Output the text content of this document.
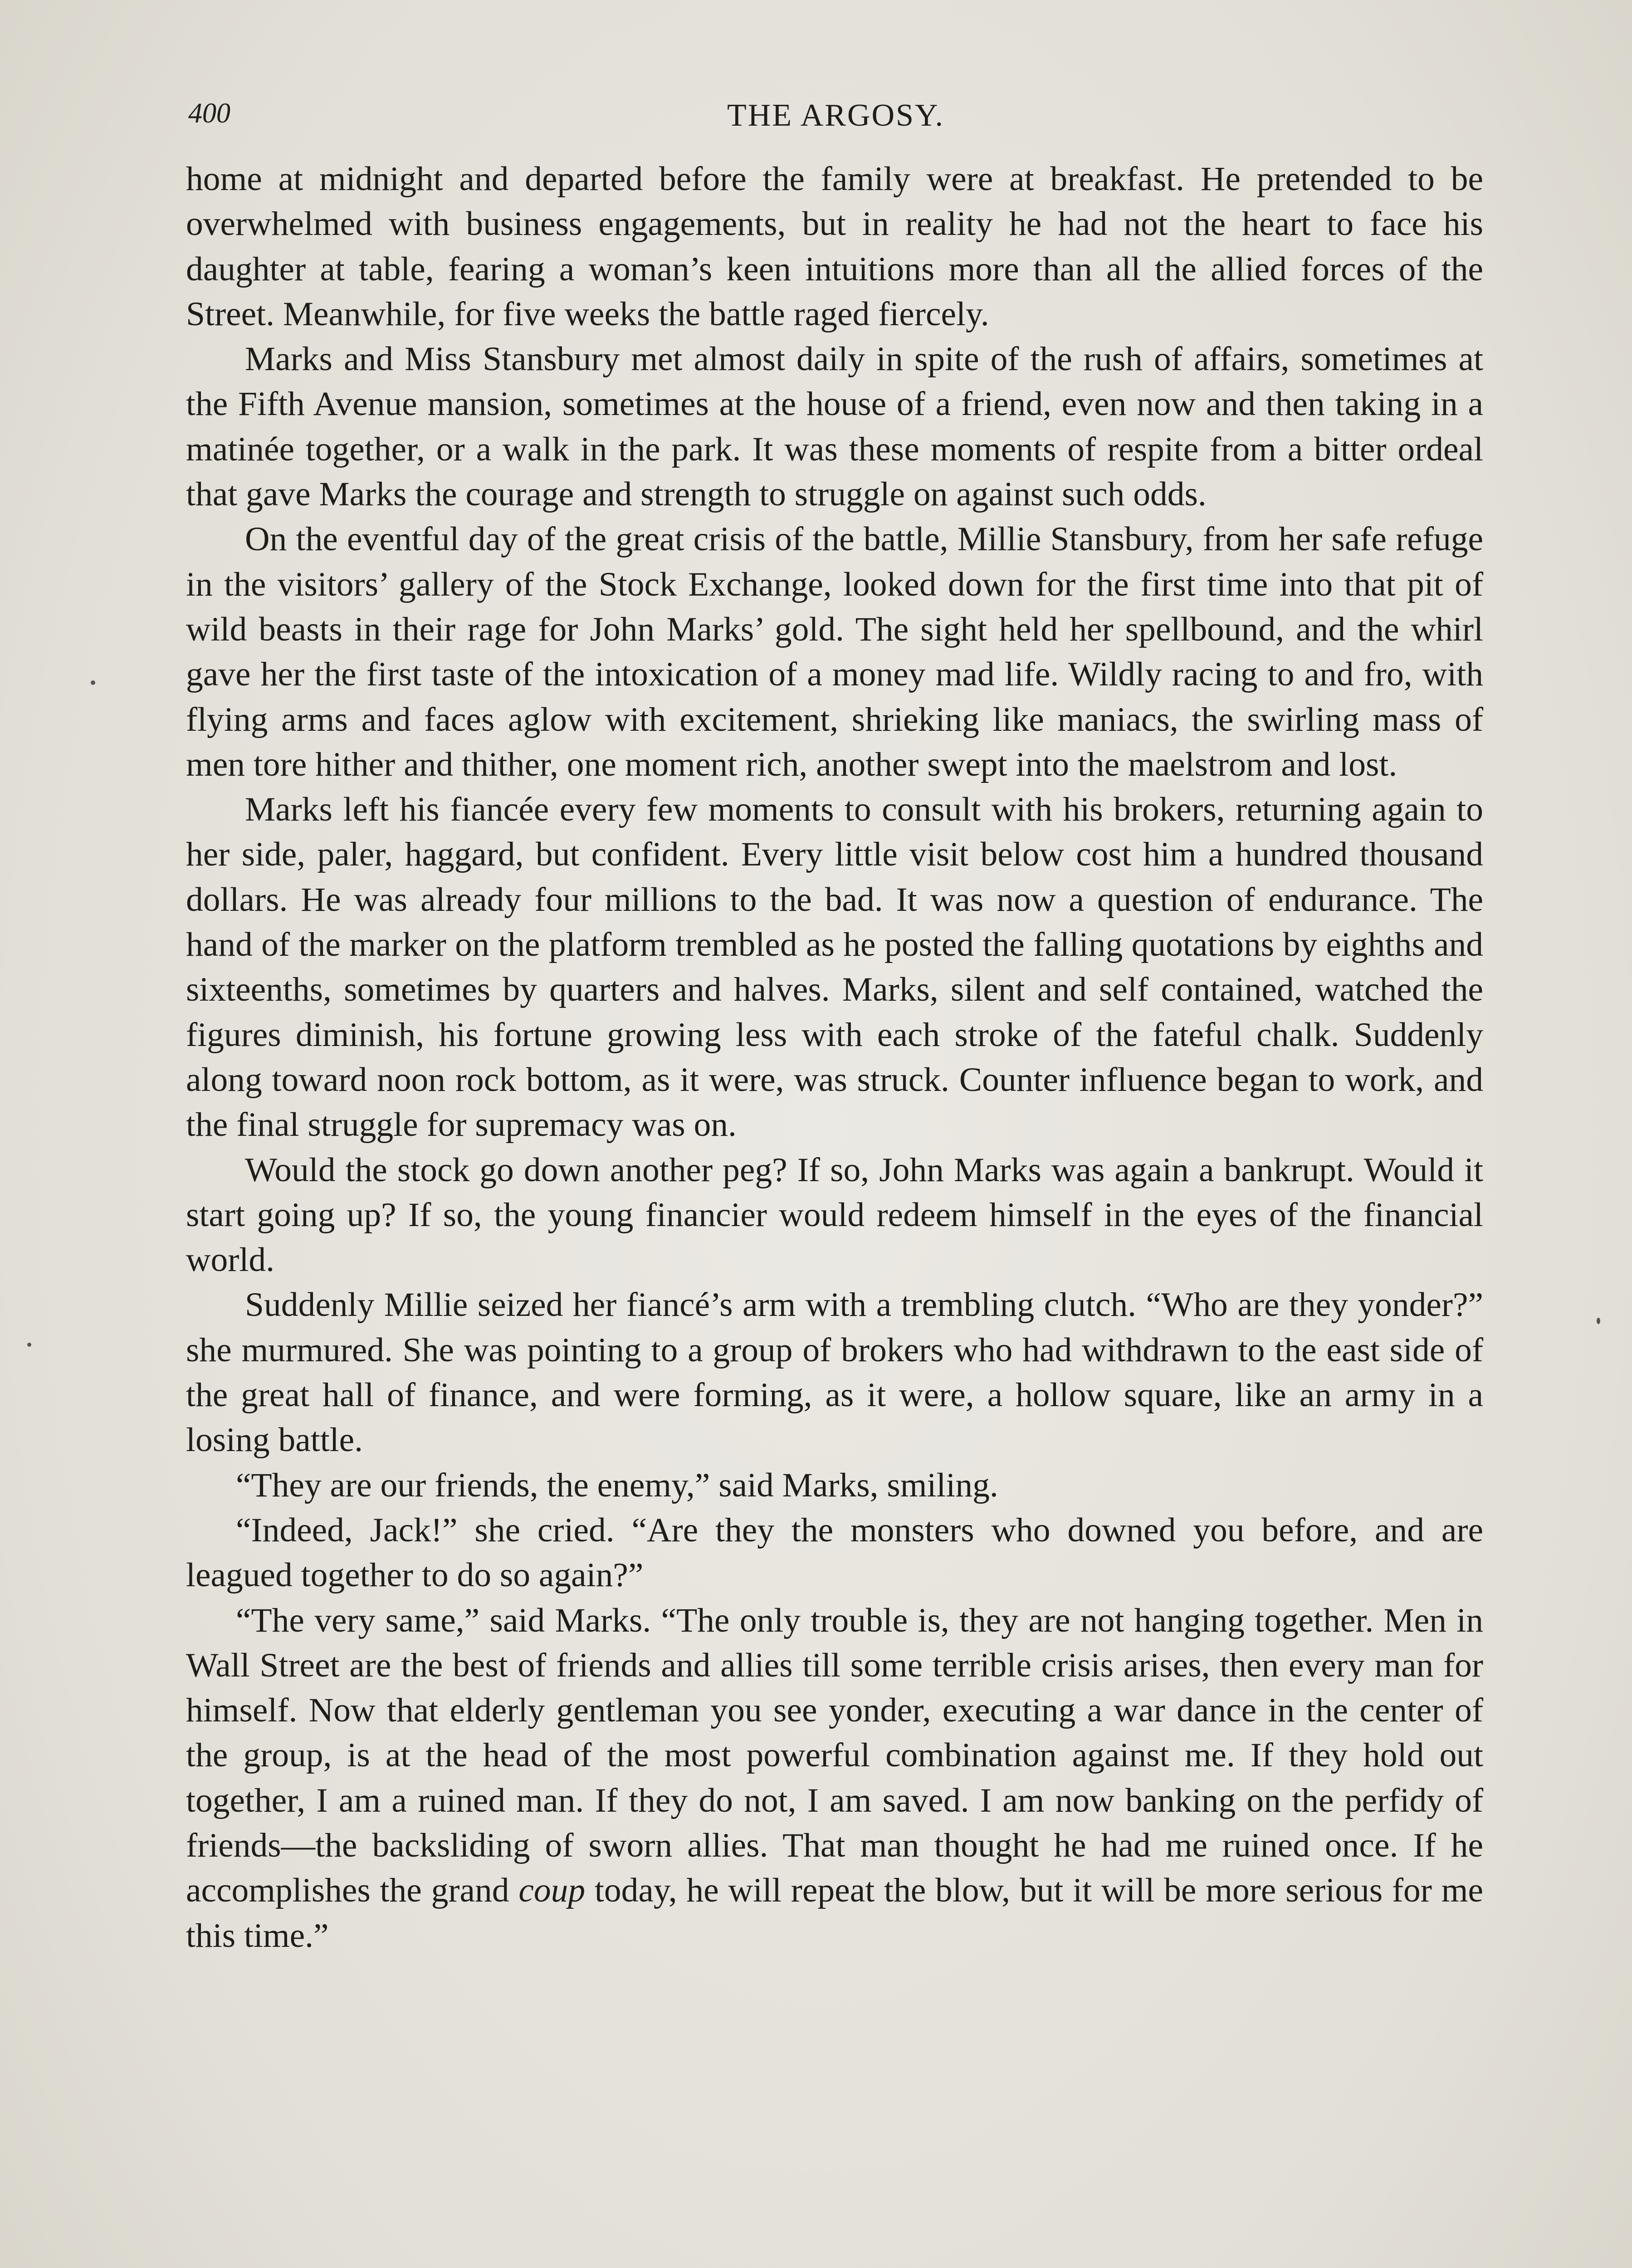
400	THE ARGOSY.

home at midnight and departed before the family were at breakfast. He pretended to be overwhelmed with business engagements, but in reality he had not the heart to face his daughter at table, fearing a woman’s keen intuitions more than all the allied forces of the Street. Meanwhile, for five weeks the battle raged fiercely.

Marks and Miss Stansbury met almost daily in spite of the rush of affairs, sometimes at the Fifth Avenue mansion, sometimes at the house of a friend, even now and then taking in a matinée together, or a walk in the park. It was these moments of respite from a bitter ordeal that gave Marks the courage and strength to struggle on against such odds.

On the eventful day of the great crisis of the battle, Millie Stansbury, from her safe refuge in the visitors’ gallery of the Stock Exchange, looked down for the first time into that pit of wild beasts in their rage for John Marks’ gold. The sight held her spellbound, and the whirl gave her the first taste of the intoxication of a money mad life. Wildly racing to and fro, with flying arms and faces aglow with excitement, shrieking like maniacs, the swirling mass of men tore hither and thither, one moment rich, another swept into the maelstrom and lost.

Marks left his fiancée every few moments to consult with his brokers, returning again to her side, paler, haggard, but confident. Every little visit below cost him a hundred thousand dollars. He was already four millions to the bad. It was now a question of endurance. The hand of the marker on the platform trembled as he posted the falling quotations by eighths and sixteenths, sometimes by quarters and halves. Marks, silent and self contained, watched the figures diminish, his fortune growing less with each stroke of the fateful chalk. Suddenly along toward noon rock bottom, as it were, was struck. Counter influence began to work, and the final struggle for supremacy was on.

Would the stock go down another peg? If so, John Marks was again a bankrupt. Would it start going up? If so, the young financier would redeem himself in the eyes of the financial world.

Suddenly Millie seized her fiancé’s arm with a trembling clutch. “Who are they yonder?” she murmured. She was pointing to a group of brokers who had withdrawn to the east side of the great hall of finance, and were forming, as it were, a hollow square, like an army in a losing battle.

“They are our friends, the enemy,” said Marks, smiling.

“Indeed, Jack!” she cried. “Are they the monsters who downed you before, and are leagued together to do so again?”

“The very same,” said Marks. “The only trouble is, they are not hanging together. Men in Wall Street are the best of friends and allies till some terrible crisis arises, then every man for himself. Now that elderly gentleman you see yonder, executing a war dance in the center of the group, is at the head of the most powerful combination against me. If they hold out together, I am a ruined man. If they do not, I am saved. I am now banking on the perfidy of friends—the backsliding of sworn allies. That man thought he had me ruined once. If he accomplishes the grand coup today, he will repeat the blow, but it will be more serious for me this time.”
